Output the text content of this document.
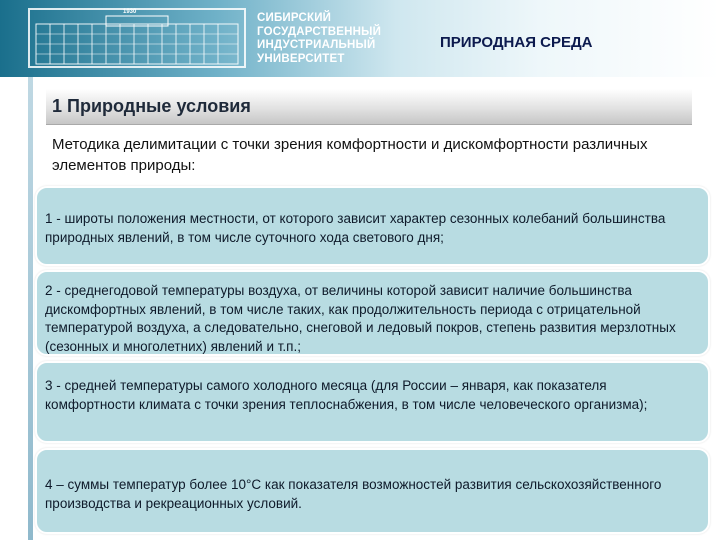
1930	СИБИРСКИЙ
ГОСУДАРСТВЕННЫЙ
ИНДУСТРИАЛЬНЫЙ
УНИВЕРСИТЕТ
ПРИРОДНАЯ СРЕДА
1 Природные условия
Методика делимитации с точки зрения комфортности и дискомфортности различных элементов природы:
1 - широты положения местности, от которого зависит характер сезонных колебаний большинства природных явлений, в том числе суточного хода светового дня;
2 - среднегодовой температуры воздуха, от величины которой зависит наличие большинства дискомфортных явлений, в том числе таких, как продолжительность периода с отрицательной температурой воздуха, а следовательно, снеговой и ледовый покров, степень развития мерзлотных (сезонных и многолетних) явлений и т.п.;
3 - средней температуры самого холодного месяца (для России – января, как показателя комфортности климата с точки зрения теплоснабжения, в том числе человеческого организма);
4 – суммы температур более 10°С как показателя возможностей развития сельскохозяйственного производства и рекреационных условий.
